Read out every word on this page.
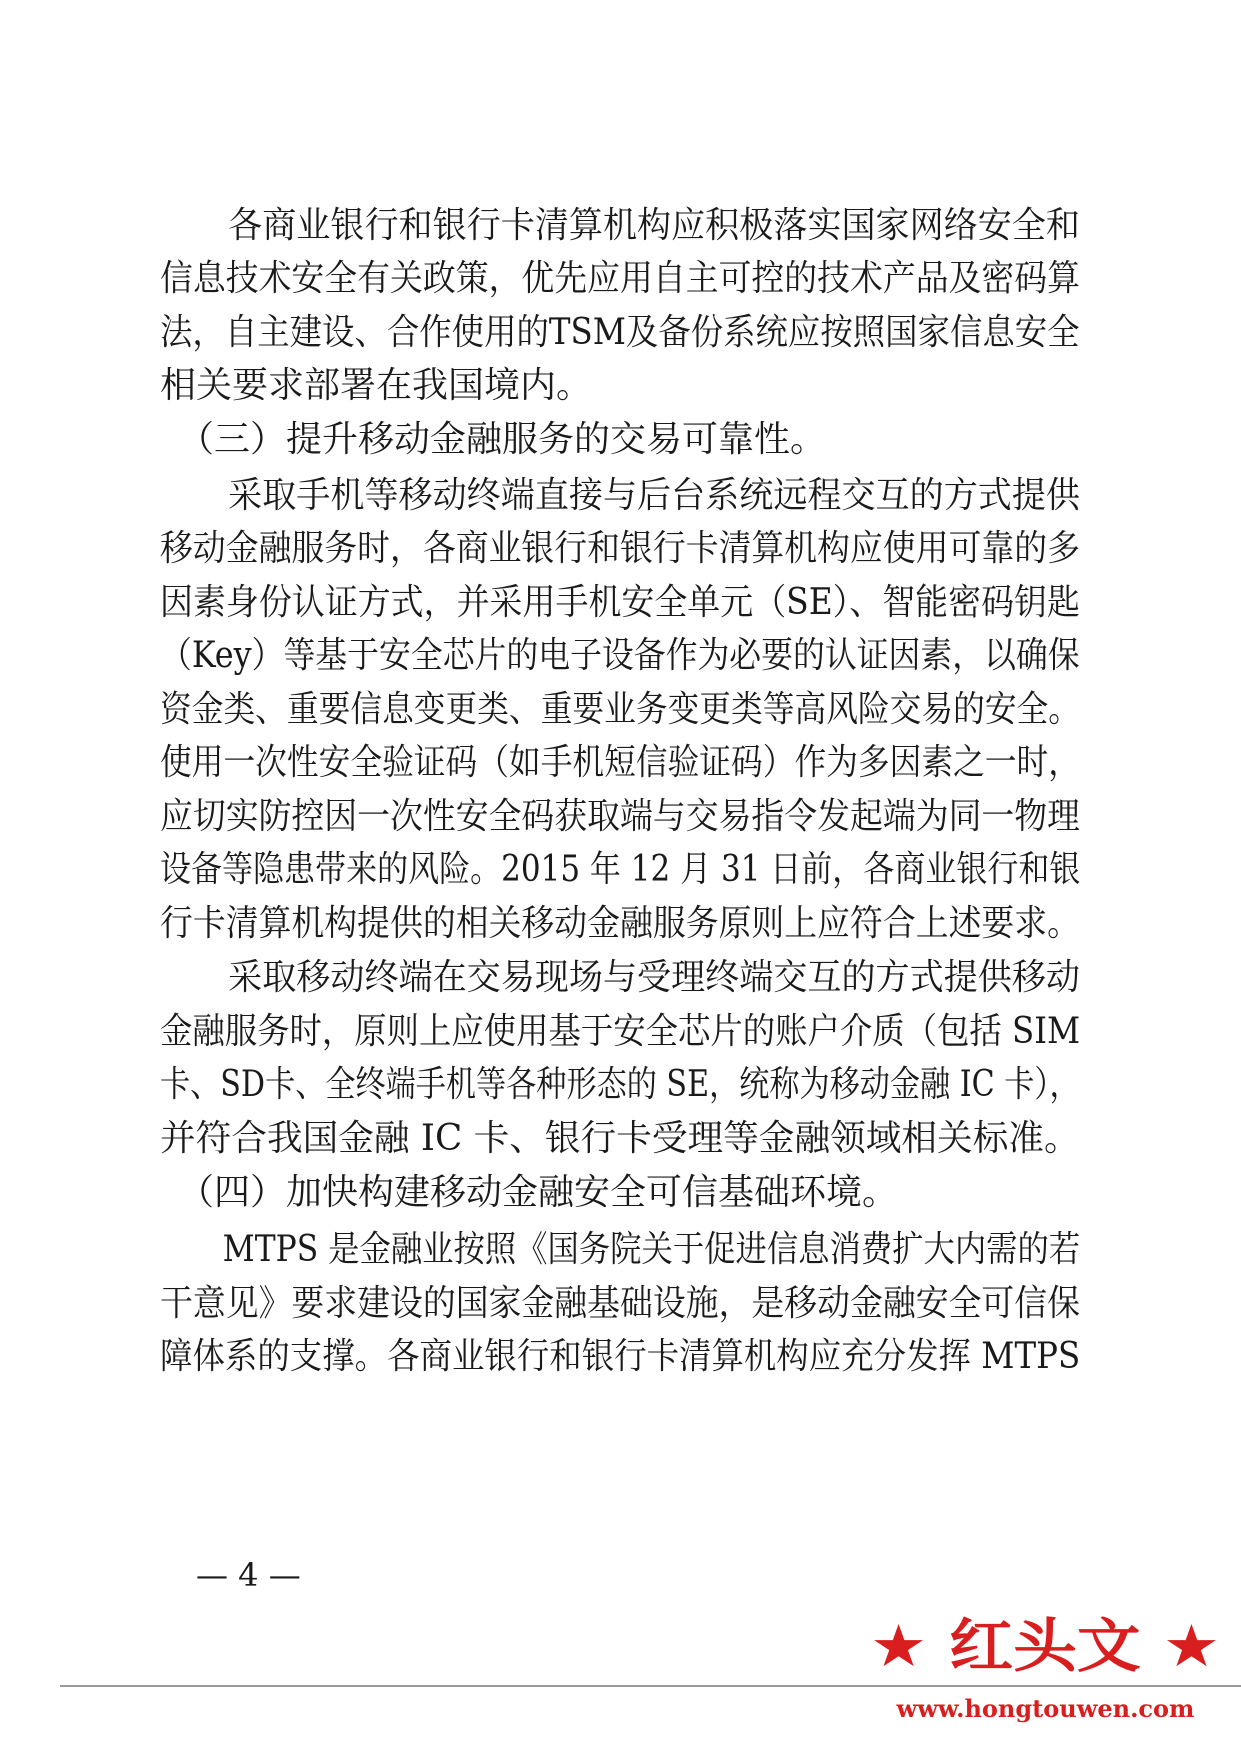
　　各商业银行和银行卡清算机构应积极落实国家网络安全和
信息技术安全有关政策，优先应用自主可控的技术产品及密码算
法，自主建设、合作使用的TSM及备份系统应按照国家信息安全
相关要求部署在我国境内。
　（三）提升移动金融服务的交易可靠性。
　　采取手机等移动终端直接与后台系统远程交互的方式提供
移动金融服务时，各商业银行和银行卡清算机构应使用可靠的多
因素身份认证方式，并采用手机安全单元（SE）、智能密码钥匙
（Key）等基于安全芯片的电子设备作为必要的认证因素，以确保
资金类、重要信息变更类、重要业务变更类等高风险交易的安全。
使用一次性安全验证码（如手机短信验证码）作为多因素之一时，
应切实防控因一次性安全码获取端与交易指令发起端为同一物理
设备等隐患带来的风险。2015 年 12 月 31 日前，各商业银行和银
行卡清算机构提供的相关移动金融服务原则上应符合上述要求。
　　采取移动终端在交易现场与受理终端交互的方式提供移动
金融服务时，原则上应使用基于安全芯片的账户介质（包括 SIM
卡、SD卡、全终端手机等各种形态的 SE，统称为移动金融 IC 卡），
并符合我国金融 IC 卡、银行卡受理等金融领域相关标准。
　（四）加快构建移动金融安全可信基础环境。
　　MTPS 是金融业按照《国务院关于促进信息消费扩大内需的若
干意见》要求建设的国家金融基础设施，是移动金融安全可信保
障体系的支撑。各商业银行和银行卡清算机构应充分发挥 MTPS
— 4 —
★ 红头文 ★
www.hongtouwen.com
